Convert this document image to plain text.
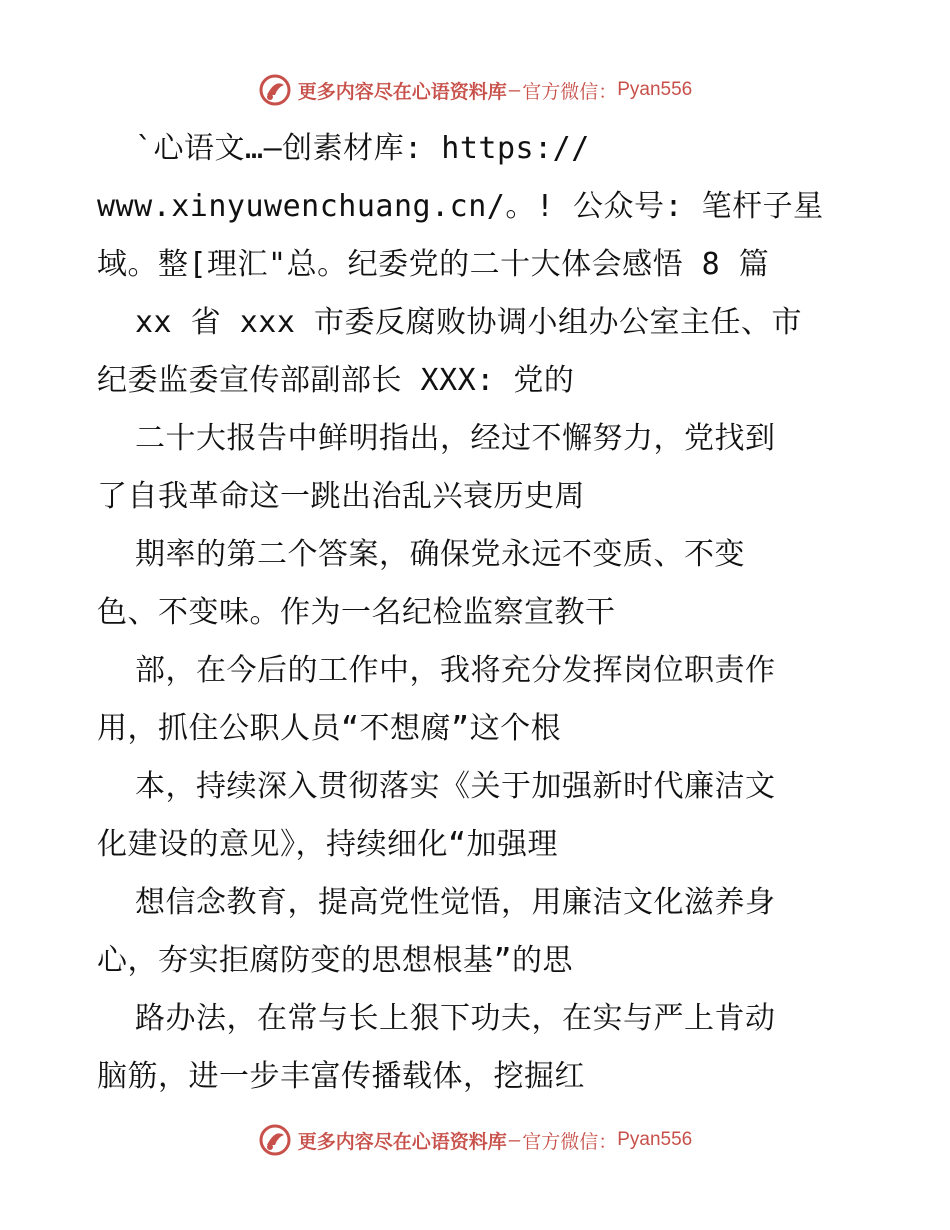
更多内容尽在心语资料库 — 官方微信： Pyan556
`心语文…—创素材库: https://
www.xinyuwenchuang.cn/。! 公众号: 笔杆子星
域。整[理汇"总。纪委党的二十大体会感悟 8 篇
xx 省 xxx 市委反腐败协调小组办公室主任、市
纪委监委宣传部副部长 XXX: 党的
二十大报告中鲜明指出，经过不懈努力，党找到
了自我革命这一跳出治乱兴衰历史周
期率的第二个答案，确保党永远不变质、不变
色、不变味。作为一名纪检监察宣教干
部，在今后的工作中，我将充分发挥岗位职责作
用，抓住公职人员“不想腐”这个根
本，持续深入贯彻落实《关于加强新时代廉洁文
化建设的意见》，持续细化“加强理
想信念教育，提高党性觉悟，用廉洁文化滋养身
心，夯实拒腐防变的思想根基”的思
路办法，在常与长上狠下功夫，在实与严上肯动
脑筋，进一步丰富传播载体，挖掘红
更多内容尽在心语资料库 — 官方微信： Pyan556
